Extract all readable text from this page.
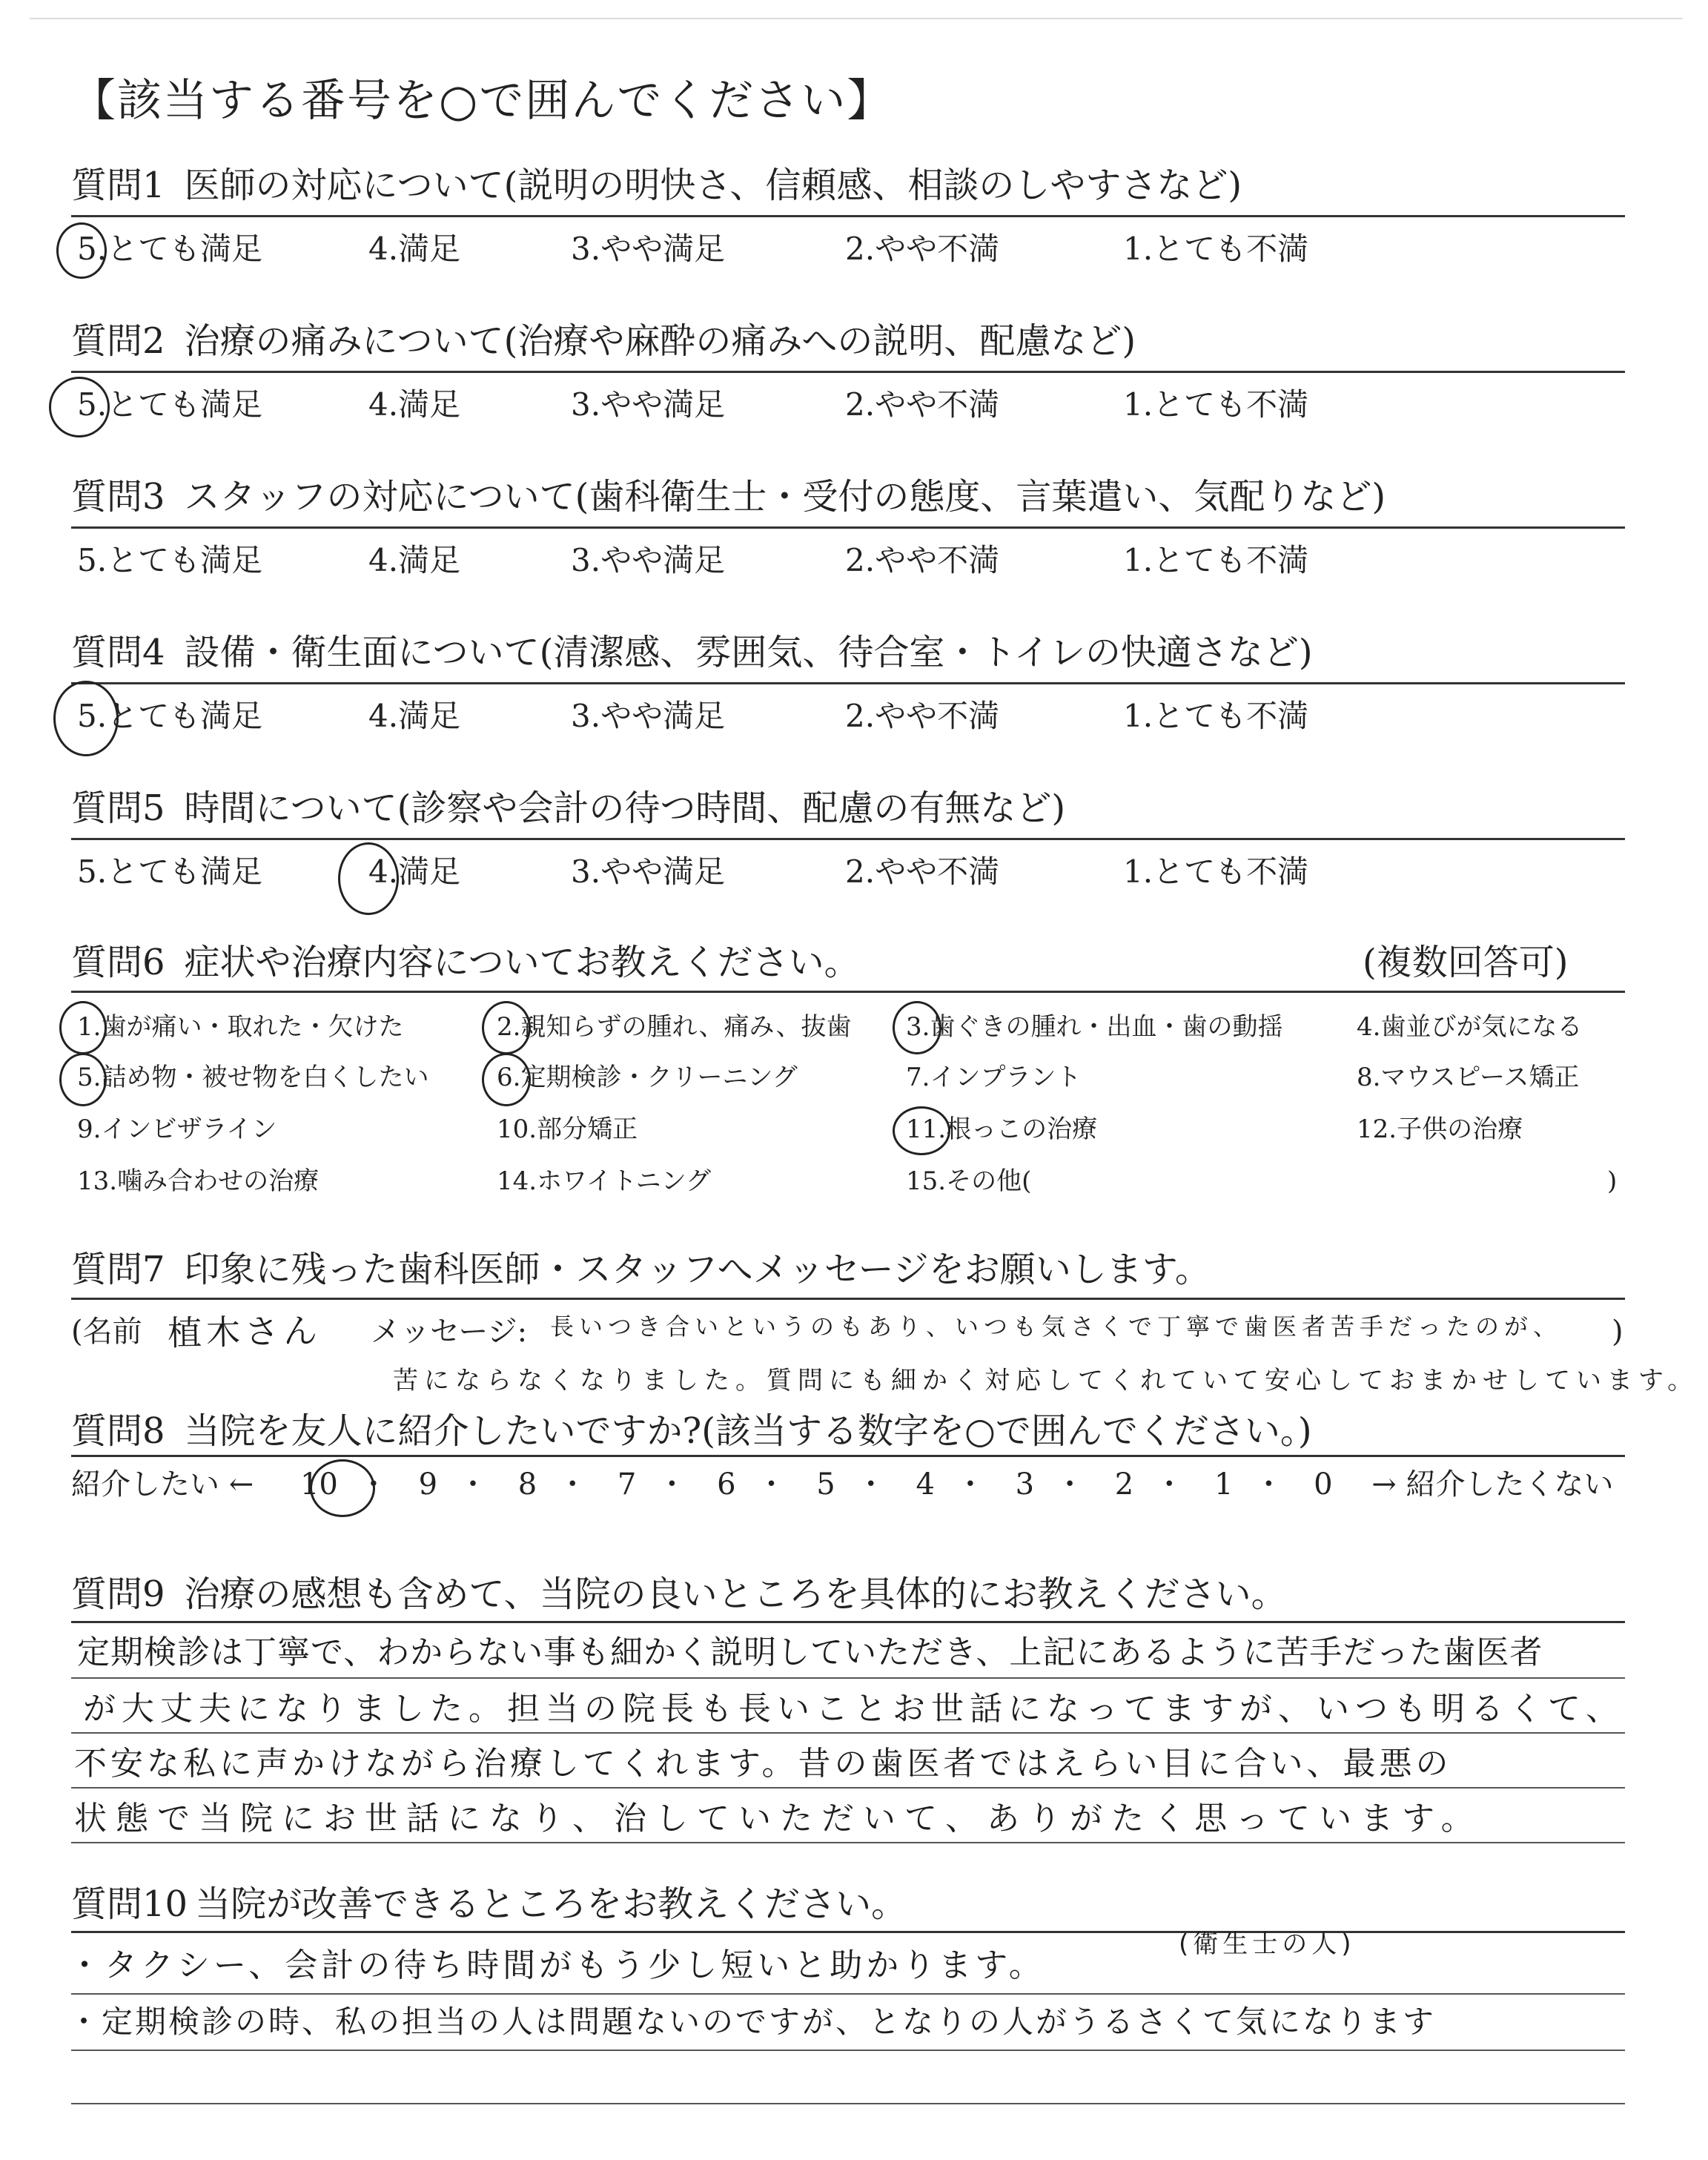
【該当する番号を○で囲んでください】
質問1 医師の対応について(説明の明快さ、信頼感、相談のしやすさなど)
5.とても満足	4.満足	3.やや満足	2.やや不満	1.とても不満
質問2 治療の痛みについて(治療や麻酔の痛みへの説明、配慮など)
5.とても満足	4.満足	3.やや満足	2.やや不満	1.とても不満
質問3 スタッフの対応について(歯科衛生士・受付の態度、言葉遣い、気配りなど)
5.とても満足	4.満足	3.やや満足	2.やや不満	1.とても不満
質問4 設備・衛生面について(清潔感、雰囲気、待合室・トイレの快適さなど)
5.とても満足	4.満足	3.やや満足	2.やや不満	1.とても不満
質問5 時間について(診察や会計の待つ時間、配慮の有無など)
5.とても満足	4.満足	3.やや満足	2.やや不満	1.とても不満
質問6 症状や治療内容についてお教えください。	(複数回答可)
1.歯が痛い・取れた・欠けた	2.親知らずの腫れ、痛み、抜歯 3.歯ぐきの腫れ・出血・歯の動揺	4.歯並びが気になる
5.詰め物・被せ物を白くしたい	6.定期検診・クリーニング	7.インプラント	8.マウスピース矯正
9.インビザライン	10.部分矯正	11.根っこの治療	12.子供の治療
13.噛み合わせの治療	14.ホワイトニング	15.その他(	)
質問7 印象に残った歯科医師・スタッフへメッセージをお願いします。
(名前 植木さん メッセージ: 長いつき合いというのもあり、いつも気さくで丁寧で歯医者苦手だったのが、 )
苦にならなくなりました。質問にも細かく対応してくれていて安心しておまかせしています。
質問8 当院を友人に紹介したいですか?(該当する数字を○で囲んでください。)
紹介したい ← 10 ・ 9 ・ 8 ・ 7 ・ 6 ・ 5 ・ 4 ・ 3 ・ 2 ・ 1 ・ 0 → 紹介したくない
質問9 治療の感想も含めて、当院の良いところを具体的にお教えください。
定期検診は丁寧で、わからない事も細かく説明していただき、上記にあるように苦手だった歯医者
が大丈夫になりました。担当の院長も長いことお世話になってますが、いつも明るくて、
不安な私に声かけながら治療してくれます。昔の歯医者ではえらい目に合い、最悪の
状態で当院にお世話になり、治していただいて、ありがたく思っています。
質問10 当院が改善できるところをお教えください。
(衛生士の人)
・タクシー、会計の待ち時間がもう少し短いと助かります。
・定期検診の時、私の担当の人は問題ないのですが、となりの人がうるさくて気になります
